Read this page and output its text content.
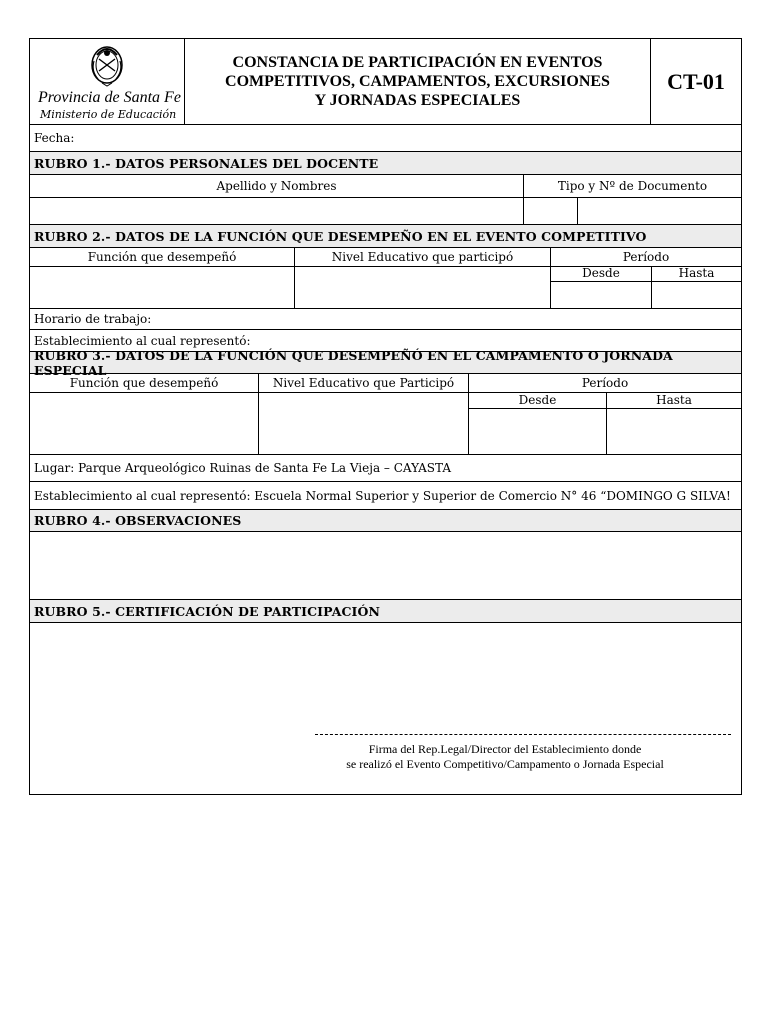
Provincia de Santa Fe
Ministerio de Educación
CONSTANCIA DE PARTICIPACIÓN EN EVENTOS
COMPETITIVOS, CAMPAMENTOS, EXCURSIONES
Y JORNADAS ESPECIALES
CT-01
Fecha:
RUBRO 1.- DATOS PERSONALES DEL DOCENTE
Apellido y Nombres	Tipo y Nº de Documento
RUBRO 2.- DATOS DE LA FUNCIÓN QUE DESEMPEÑO EN EL EVENTO COMPETITIVO
Función que desempeñó	Nivel Educativo que participó	Período
Desde	Hasta
Horario de trabajo:
Establecimiento al cual representó:
RUBRO 3.- DATOS DE LA FUNCIÓN QUE DESEMPEÑÓ EN EL CAMPAMENTO O JORNADA ESPECIAL
Función que desempeñó	Nivel Educativo que Participó	Período
Desde	Hasta
Lugar: Parque Arqueológico Ruinas de Santa Fe La Vieja – CAYASTA
Establecimiento al cual representó: Escuela Normal Superior y Superior de Comercio N° 46 “DOMINGO G SILVA!
RUBRO 4.- OBSERVACIONES
RUBRO 5.- CERTIFICACIÓN DE PARTICIPACIÓN
Firma del Rep.Legal/Director del Establecimiento donde
se realizó el Evento Competitivo/Campamento o Jornada Especial
